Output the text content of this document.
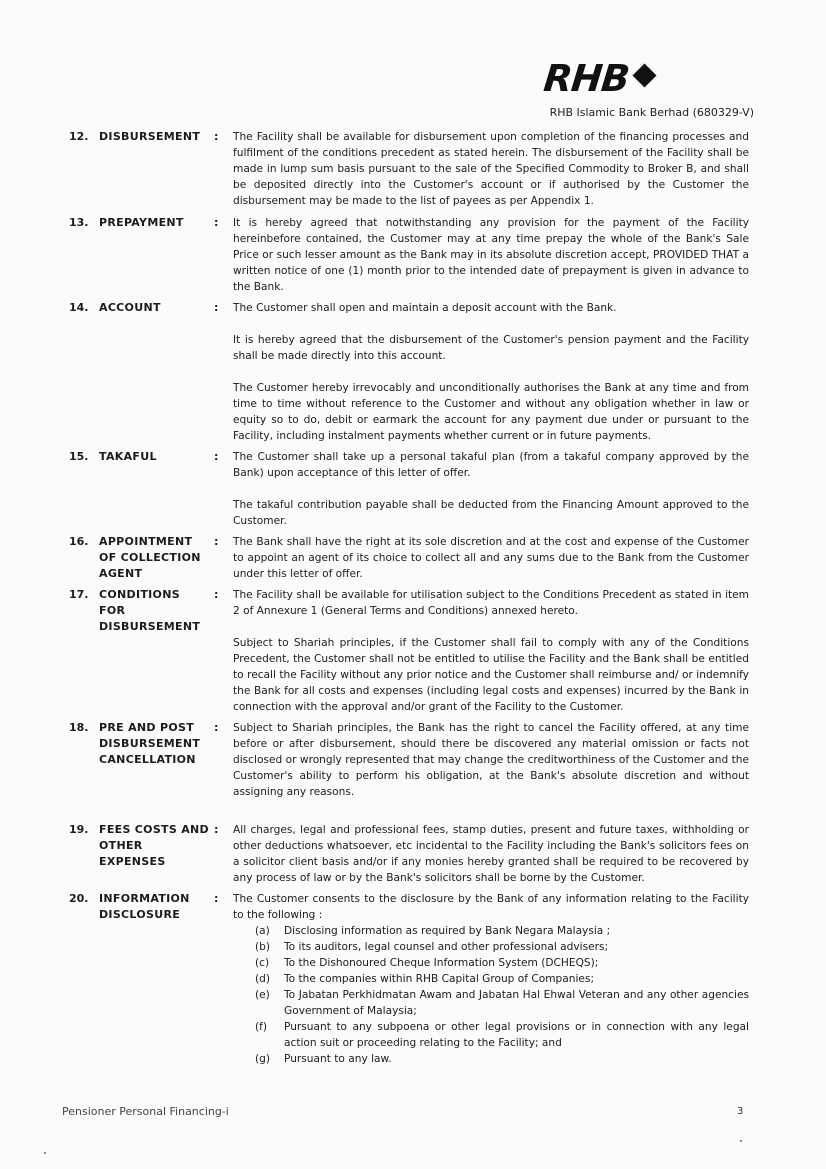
RHB
RHB Islamic Bank Berhad (680329-V)
12. DISBURSEMENT	: The Facility shall be available for disbursement upon completion of the financing processes and fulfilment of the conditions precedent as stated herein. The disbursement of the Facility shall be made in lump sum basis pursuant to the sale of the Specified Commodity to Broker B, and shall be deposited directly into the Customer's account or if authorised by the Customer the disbursement may be made to the list of payees as per Appendix 1.

13. PREPAYMENT	: It is hereby agreed that notwithstanding any provision for the payment of the Facility hereinbefore contained, the Customer may at any time prepay the whole of the Bank's Sale Price or such lesser amount as the Bank may in its absolute discretion accept, PROVIDED THAT a written notice of one (1) month prior to the intended date of prepayment is given in advance to the Bank.

14. ACCOUNT	: The Customer shall open and maintain a deposit account with the Bank.

It is hereby agreed that the disbursement of the Customer's pension payment and the Facility shall be made directly into this account.

The Customer hereby irrevocably and unconditionally authorises the Bank at any time and from time to time without reference to the Customer and without any obligation whether in law or equity so to do, debit or earmark the account for any payment due under or pursuant to the Facility, including instalment payments whether current or in future payments.

15. TAKAFUL	: The Customer shall take up a personal takaful plan (from a takaful company approved by the Bank) upon acceptance of this letter of offer.

The takaful contribution payable shall be deducted from the Financing Amount approved to the Customer.

16. APPOINTMENT
OF COLLECTION
AGENT
: The Bank shall have the right at its sole discretion and at the cost and expense of the Customer to appoint an agent of its choice to collect all and any sums due to the Bank from the Customer under this letter of offer.

17. CONDITIONS FOR
DISBURSEMENT
: The Facility shall be available for utilisation subject to the Conditions Precedent as stated in item 2 of Annexure 1 (General Terms and Conditions) annexed hereto.

Subject to Shariah principles, if the Customer shall fail to comply with any of the Conditions Precedent, the Customer shall not be entitled to utilise the Facility and the Bank shall be entitled to recall the Facility without any prior notice and the Customer shall reimburse and/ or indemnify the Bank for all costs and expenses (including legal costs and expenses) incurred by the Bank in connection with the approval and/or grant of the Facility to the Customer.

18. PRE AND POST
DISBURSEMENT
CANCELLATION
: Subject to Shariah principles, the Bank has the right to cancel the Facility offered, at any time before or after disbursement, should there be discovered any material omission or facts not disclosed or wrongly represented that may change the creditworthiness of the Customer and the Customer's ability to perform his obligation, at the Bank's absolute discretion and without assigning any reasons.

19. FEES COSTS AND
OTHER EXPENSES
: All charges, legal and professional fees, stamp duties, present and future taxes, withholding or other deductions whatsoever, etc incidental to the Facility including the Bank's solicitors fees on a solicitor client basis and/or if any monies hereby granted shall be required to be recovered by any process of law or by the Bank's solicitors shall be borne by the Customer.

20. INFORMATION
DISCLOSURE
: The Customer consents to the disclosure by the Bank of any information relating to the Facility to the following :

(a) Disclosing information as required by Bank Negara Malaysia ;
(b) To its auditors, legal counsel and other professional advisers;
(c) To the Dishonoured Cheque Information System (DCHEQS);
(d) To the companies within RHB Capital Group of Companies;
(e) To Jabatan Perkhidmatan Awam and Jabatan Hal Ehwal Veteran and any other agencies Government of Malaysia;
(f) Pursuant to any subpoena or other legal provisions or in connection with any legal action suit or proceeding relating to the Facility; and
(g) Pursuant to any law.
Pensioner Personal Financing-i	3
